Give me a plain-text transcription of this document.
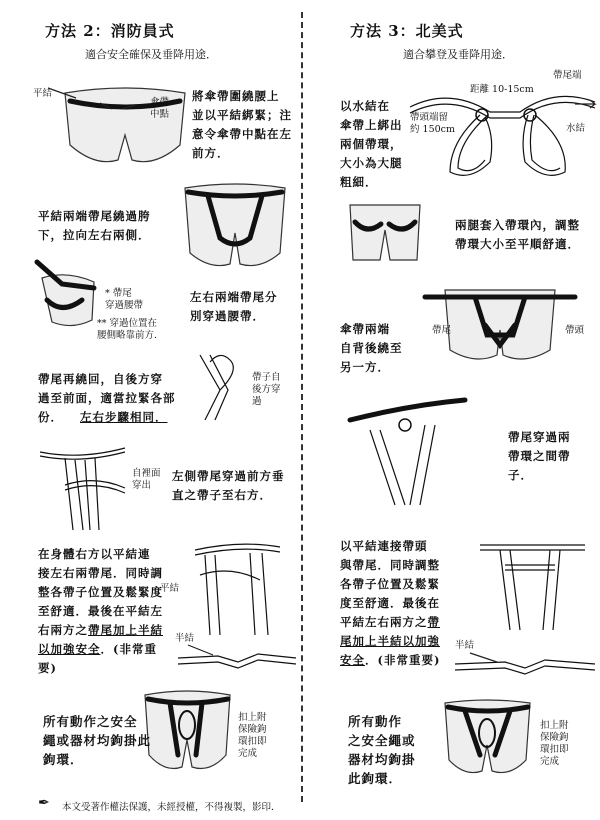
方法 2：消防員式
適合安全確保及垂降用途．
平結
傘帶
中點
將傘帶圍繞腰上
並以平結綁緊；注
意令傘帶中點在左
前方．
平結兩端帶尾繞過胯
下，拉向左右兩側．
* 帶尾
穿過腰帶
** 穿過位置在
腰側略靠前方.
左右兩端帶尾分
別穿過腰帶．
帶子自
後方穿
過
帶尾再繞回，自後方穿
過至前面，適當拉緊各部
份．	左右步驟相同．
自裡面
穿出
左側帶尾穿過前方垂
直之帶子至右方．
在身體右方以平結連
接左右兩帶尾．同時調
整各帶子位置及鬆緊度
至舒適．最後在平結左
右兩方之帶尾加上半結
以加強安全．(非常重
要)
平結
半結
所有動作之安全
繩或器材均鉤掛此
鉤環．
扣上附
保險鉤
環扣即
完成
✒ 本文受著作權法保護，未經授權，不得複製，影印．
方法 3：北美式
適合攀登及垂降用途．
距離 10-15cm
帶尾端
帶頭端留
約 150cm	水結
以水結在
傘帶上綁出
兩個帶環，
大小為大腿
粗細．
兩腿套入帶環內，調整
帶環大小至平順舒適．
帶尾	帶頭
傘帶兩端
自背後繞至
另一方．
帶尾穿過兩
帶環之間帶
子．
以平結連接帶頭
與帶尾．同時調整
各帶子位置及鬆緊
度至舒適．最後在
平結左右兩方之帶
尾加上半結以加強
安全．(非常重要)
半結
所有動作
之安全繩或
器材均鉤掛
此鉤環．
扣上附
保險鉤
環扣即
完成
